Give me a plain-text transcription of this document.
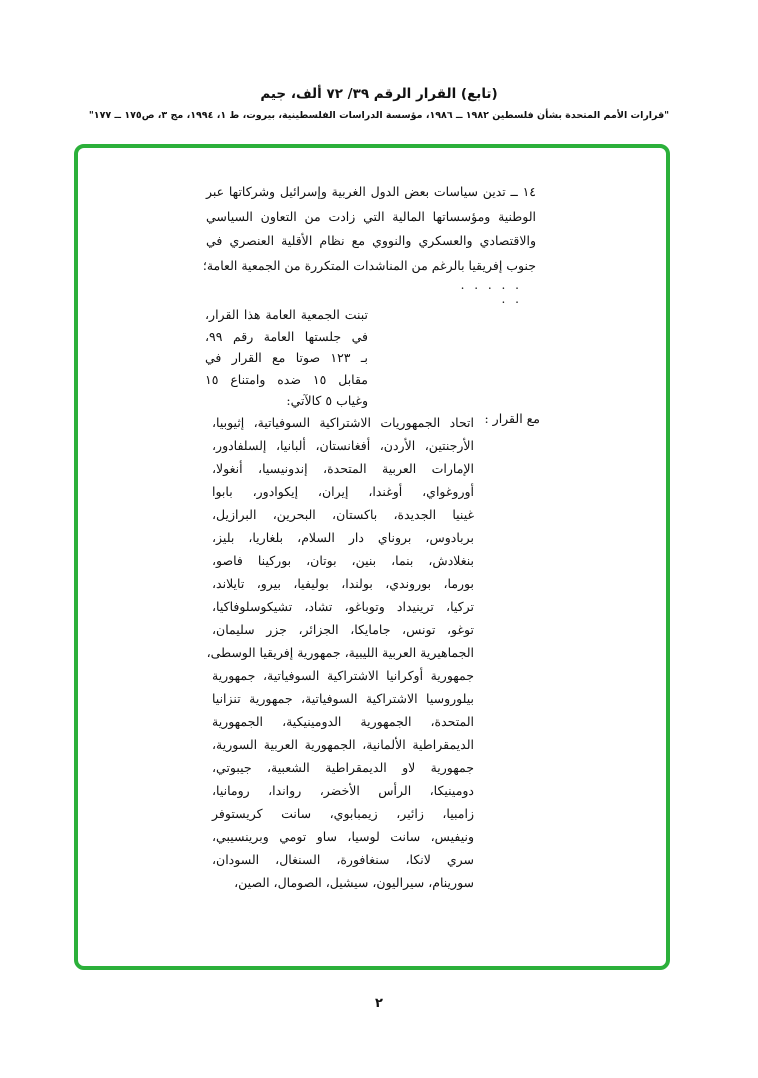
(تابع) القرار الرقم ٣٩/ ٧٢ ألف، جيم
"قرارات الأمم المتحدة بشأن فلسطين ١٩٨٢ ــ ١٩٨٦، مؤسسة الدراسات الفلسطينية، بيروت، ط ١، ١٩٩٤، مج ٣، ص١٧٥ ــ ١٧٧"
١٤ ــ تدين سياسات بعض الدول الغربية وإسرائيل وشركاتها عبر
الوطنية ومؤسساتها المالية التي زادت من التعاون السياسي
والاقتصادي والعسكري والنووي مع نظام الأقلية العنصري في
جنوب إفريقيا بالرغم من المناشدات المتكررة من الجمعية العامة؛
. . . . . . .
تبنت الجمعية العامة هذا القرار،
في جلستها العامة رقم ٩٩،
بـ ١٢٣ صوتا مع القرار في
مقابل ١٥ ضده وامتناع ١٥
وغياب ٥ كالآتي:
مع القرار :
اتحاد الجمهوريات الاشتراكية السوفياتية، إثيوبيا،
الأرجنتين، الأردن، أفغانستان، ألبانيا، إلسلفادور،
الإمارات العربية المتحدة، إندونيسيا، أنغولا،
أوروغواي، أوغندا، إيران، إيكوادور، بابوا
غينيا الجديدة، باكستان، البحرين، البرازيل،
بربادوس، بروناي دار السلام، بلغاريا، بليز،
بنغلادش، بنما، بنين، بوتان، بوركينا فاصو،
بورما، بوروندي، بولندا، بوليفيا، بيرو، تايلاند،
تركيا، ترينيداد وتوباغو، تشاد، تشيكوسلوفاكيا،
توغو، تونس، جامايكا، الجزائر، جزر سليمان،
الجماهيرية العربية الليبية، جمهورية إفريقيا الوسطى،
جمهورية أوكرانيا الاشتراكية السوفياتية، جمهورية
بيلوروسيا الاشتراكية السوفياتية، جمهورية تنزانيا
المتحدة، الجمهورية الدومينيكية، الجمهورية
الديمقراطية الألمانية، الجمهورية العربية السورية،
جمهورية لاو الديمقراطية الشعبية، جيبوتي،
دومينيكا، الرأس الأخضر، رواندا، رومانيا،
زامبيا، زائير، زيمبابوي، سانت كريستوفر
ونيفيس، سانت لوسيا، ساو تومي وبرينسيبي،
سري لانكا، سنغافورة، السنغال، السودان،
سورينام، سيراليون، سيشيل، الصومال، الصين،
٢
